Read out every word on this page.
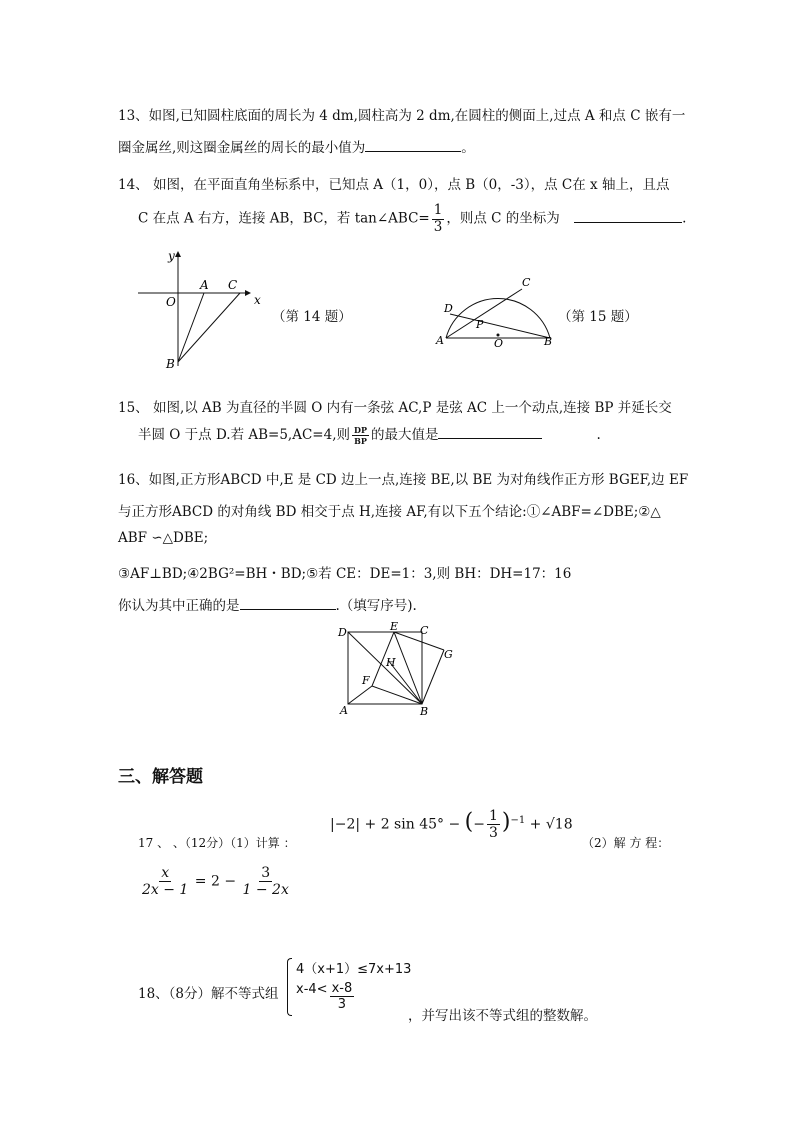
13、如图,已知圆柱底面的周长为 4 dm,圆柱高为 2 dm,在圆柱的侧面上,过点 A 和点 C 嵌有一
圈金属丝,则这圈金属丝的周长的最小值为	。
14、 如图，在平面直角坐标系中，已知点 A（1，0），点 B（0，-3），点 C在 x 轴上，且点
C 在点 A 右方，连接 AB，BC，若 tan∠ABC= $\frac{1}{3}$ ，则点 C 的坐标为	.
y
x
O
A C
B
（第 14 题）
A	B
C
D
P
O
（第 15 题）
15、 如图,以 AB 为直径的半圆 O 内有一条弦 AC,P 是弦 AC 上一个动点,连接 BP 并延长交
半圆 O 于点 D.若 AB=5,AC=4,则 $\frac{DP}{BP}$ 的最大值是	.
16、如图,正方形ABCD 中,E 是 CD 边上一点,连接 BE,以 BE 为对角线作正方形 BGEF,边 EF
与正方形ABCD 的对角线 BD 相交于点 H,连接 AF,有以下五个结论:①∠ABF=∠DBE;②△
ABF ∽△DBE;
③AF⊥BD;④2BG²=BH・BD;⑤若 CE：DE=1：3,则 BH：DH=17：16
你认为其中正确的是	.（填写序号).
D	E C
G
H
F
A	B
三、解答题
|−2| + 2 sin 45° − (− $\frac{1}{3} )^{-1} + √18$
17 、 、（12分）（1）计算 ：	（2）解 方 程：
$\frac{x}{2x - 1} = 2 - \frac{3}{1 - 2x}$
18、（8分）解不等式组
4（x+1）≤7x+13
$x-4< \frac{x-8}{3}$
，并写出该不等式组的整数解。
